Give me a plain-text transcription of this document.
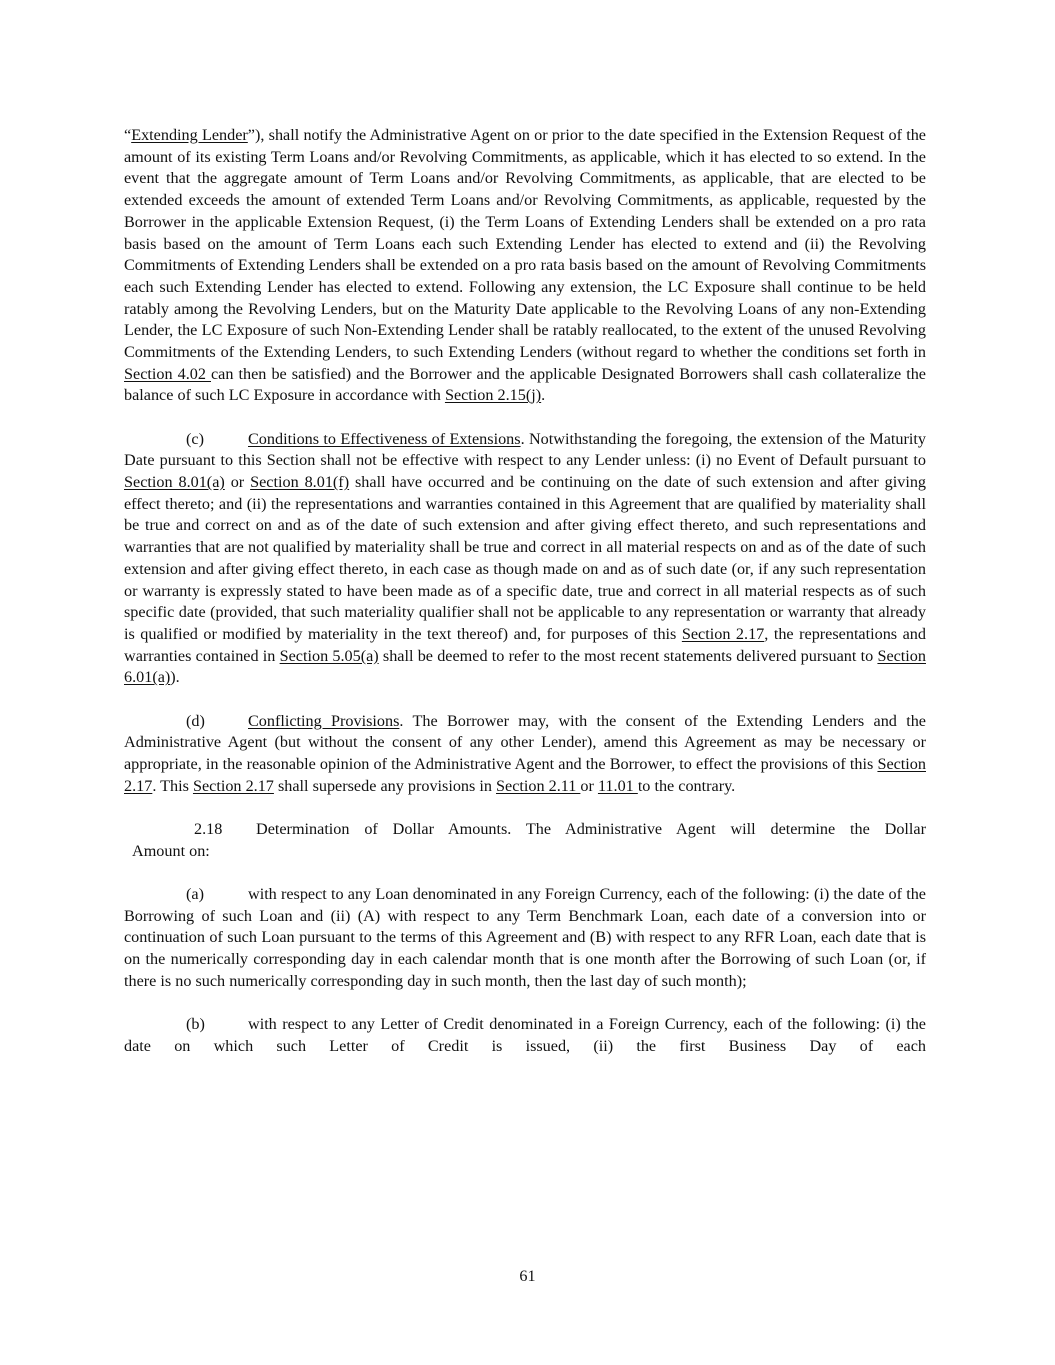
“Extending Lender”), shall notify the Administrative Agent on or prior to the date specified in the Extension Request of the amount of its existing Term Loans and/or Revolving Commitments, as applicable, which it has elected to so extend. In the event that the aggregate amount of Term Loans and/or Revolving Commitments, as applicable, that are elected to be extended exceeds the amount of extended Term Loans and/or Revolving Commitments, as applicable, requested by the Borrower in the applicable Extension Request, (i) the Term Loans of Extending Lenders shall be extended on a pro rata basis based on the amount of Term Loans each such Extending Lender has elected to extend and (ii) the Revolving Commitments of Extending Lenders shall be extended on a pro rata basis based on the amount of Revolving Commitments each such Extending Lender has elected to extend. Following any extension, the LC Exposure shall continue to be held ratably among the Revolving Lenders, but on the Maturity Date applicable to the Revolving Loans of any non-Extending Lender, the LC Exposure of such Non-Extending Lender shall be ratably reallocated, to the extent of the unused Revolving Commitments of the Extending Lenders, to such Extending Lenders (without regard to whether the conditions set forth in Section 4.02 can then be satisfied) and the Borrower and the applicable Designated Borrowers shall cash collateralize the balance of such LC Exposure in accordance with Section 2.15(j).

(c)	Conditions to Effectiveness of Extensions. Notwithstanding the foregoing, the extension of the Maturity Date pursuant to this Section shall not be effective with respect to any Lender unless: (i) no Event of Default pursuant to Section 8.01(a) or Section 8.01(f) shall have occurred and be continuing on the date of such extension and after giving effect thereto; and (ii) the representations and warranties contained in this Agreement that are qualified by materiality shall be true and correct on and as of the date of such extension and after giving effect thereto, and such representations and warranties that are not qualified by materiality shall be true and correct in all material respects on and as of the date of such extension and after giving effect thereto, in each case as though made on and as of such date (or, if any such representation or warranty is expressly stated to have been made as of a specific date, true and correct in all material respects as of such specific date (provided, that such materiality qualifier shall not be applicable to any representation or warranty that already is qualified or modified by materiality in the text thereof) and, for purposes of this Section 2.17, the representations and warranties contained in Section 5.05(a) shall be deemed to refer to the most recent statements delivered pursuant to Section 6.01(a)).

(d)	Conflicting Provisions. The Borrower may, with the consent of the Extending Lenders and the Administrative Agent (but without the consent of any other Lender), amend this Agreement as may be necessary or appropriate, in the reasonable opinion of the Administrative Agent and the Borrower, to effect the provisions of this Section 2.17. This Section 2.17 shall supersede any provisions in Section 2.11 or 11.01 to the contrary.

2.18	Determination of Dollar Amounts. The Administrative Agent will determine the Dollar
Amount on:

(a)	with respect to any Loan denominated in any Foreign Currency, each of the following: (i) the date of the Borrowing of such Loan and (ii) (A) with respect to any Term Benchmark Loan, each date of a conversion into or continuation of such Loan pursuant to the terms of this Agreement and (B) with respect to any RFR Loan, each date that is on the numerically corresponding day in each calendar month that is one month after the Borrowing of such Loan (or, if there is no such numerically corresponding day in such month, then the last day of such month);

(b)	with respect to any Letter of Credit denominated in a Foreign Currency, each of the following: (i) the date on which such Letter of Credit is issued, (ii) the first Business Day of each

61
